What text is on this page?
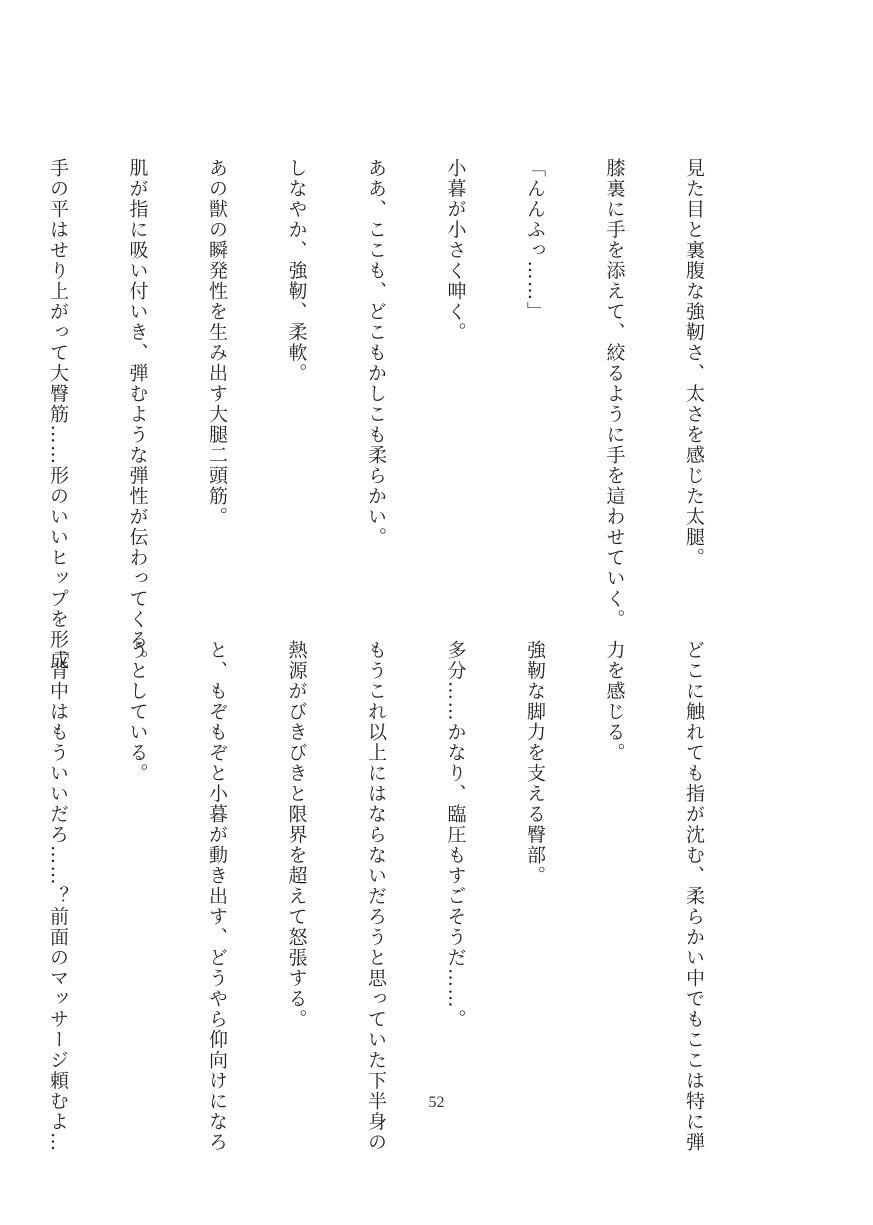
見た目と裏腹な強靭さ、太さを感じた太腿。

膝裏に手を添えて、絞るように手を這わせていく。

「んんふっ……」

小暮が小さく呻く。

ああ、ここも、どこもかしこも柔らかい。

しなやか、強靭、柔軟。

あの獣の瞬発性を生み出す大腿二頭筋。

肌が指に吸い付いき、弾むような弾性が伝わってくる。

手の平はせり上がって大臀筋……形のいいヒップを形成

どこに触れても指が沈む、柔らかい中でもここは特に弾

力を感じる。

強靭な脚力を支える臀部。

多分……かなり、臨圧もすごそうだ……。

もうこれ以上にはならないだろうと思っていた下半身の

熱源がびきびきと限界を超えて怒張する。

と、もぞもぞと小暮が動き出す、どうやら仰向けになろ

うとしている。

「背中はもういいだろ……？前面のマッサージ頼むよ…

	52
